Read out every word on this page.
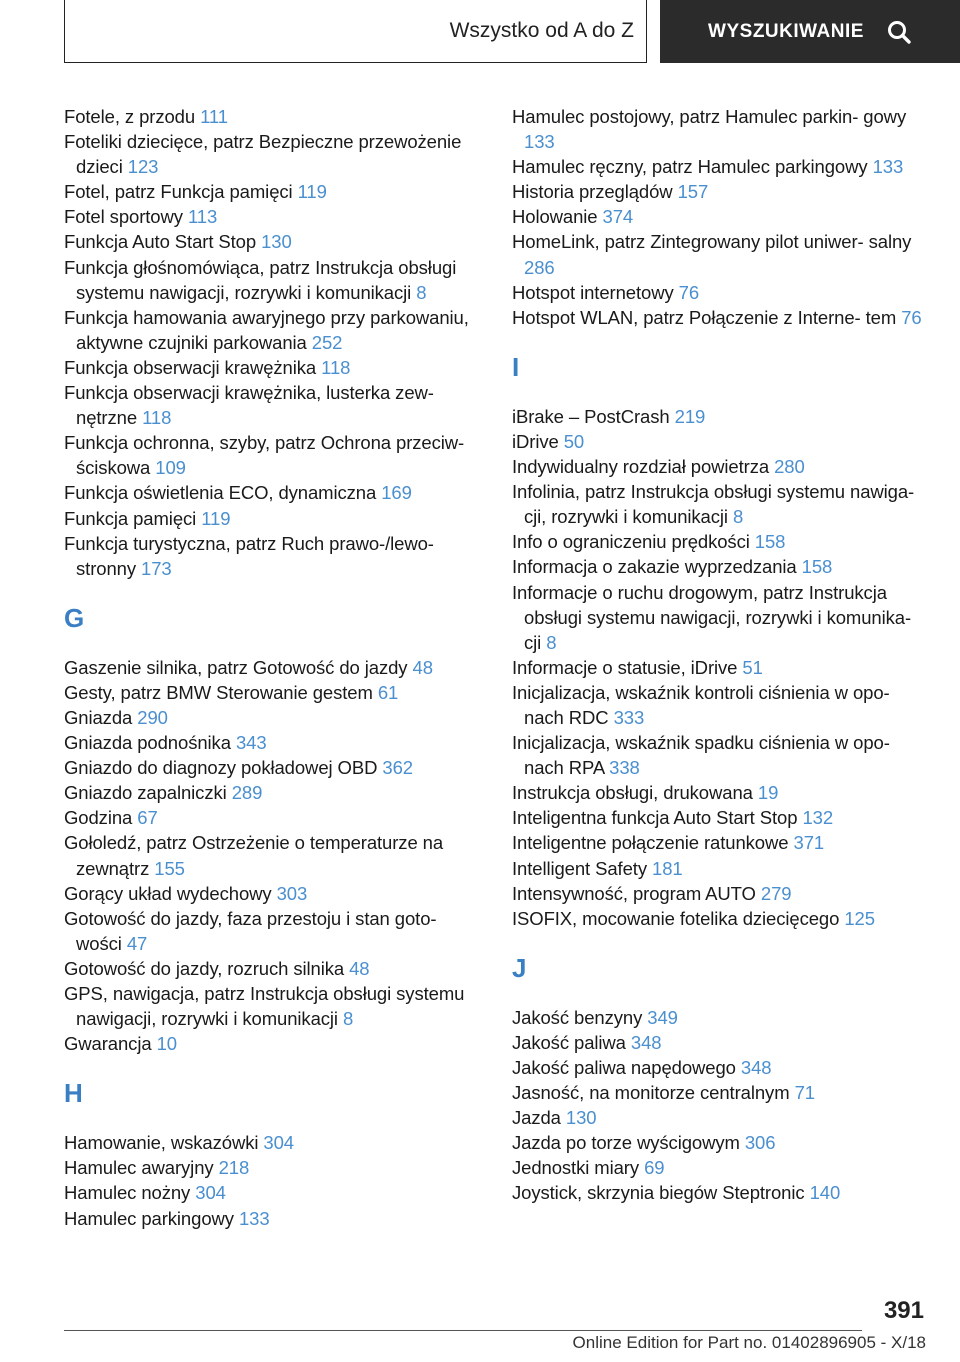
Wszystko od A do Z	WYSZUKIWANIE
Fotele, z przodu 111
Foteliki dziecięce, patrz Bezpieczne przewożenie dzieci 123
Fotel, patrz Funkcja pamięci 119
Fotel sportowy 113
Funkcja Auto Start Stop 130
Funkcja głośnomówiąca, patrz Instrukcja obsługi systemu nawigacji, rozrywki i komunikacji 8
Funkcja hamowania awaryjnego przy parkowaniu, aktywne czujniki parkowania 252
Funkcja obserwacji krawężnika 118
Funkcja obserwacji krawężnika, lusterka zew‐ nętrzne 118
Funkcja ochronna, szyby, patrz Ochrona przeciw‐ ściskowa 109
Funkcja oświetlenia ECO, dynamiczna 169
Funkcja pamięci 119
Funkcja turystyczna, patrz Ruch prawo-/lewo‐ stronny 173
G
Gaszenie silnika, patrz Gotowość do jazdy 48
Gesty, patrz BMW Sterowanie gestem 61
Gniazda 290
Gniazda podnośnika 343
Gniazdo do diagnozy pokładowej OBD 362
Gniazdo zapalniczki 289
Godzina 67
Gołoledź, patrz Ostrzeżenie o temperaturze na zewnątrz 155
Gorący układ wydechowy 303
Gotowość do jazdy, faza przestoju i stan goto‐ wości 47
Gotowość do jazdy, rozruch silnika 48
GPS, nawigacja, patrz Instrukcja obsługi systemu nawigacji, rozrywki i komunikacji 8
Gwarancja 10
H
Hamowanie, wskazówki 304
Hamulec awaryjny 218
Hamulec nożny 304
Hamulec parkingowy 133
Hamulec postojowy, patrz Hamulec parkin‐ gowy 133
Hamulec ręczny, patrz Hamulec parkingowy 133
Historia przeglądów 157
Holowanie 374
HomeLink, patrz Zintegrowany pilot uniwer‐ salny 286
Hotspot internetowy 76
Hotspot WLAN, patrz Połączenie z Interne‐ tem 76
I
iBrake – PostCrash 219
iDrive 50
Indywidualny rozdział powietrza 280
Infolinia, patrz Instrukcja obsługi systemu nawiga‐ cji, rozrywki i komunikacji 8
Info o ograniczeniu prędkości 158
Informacja o zakazie wyprzedzania 158
Informacje o ruchu drogowym, patrz Instrukcja obsługi systemu nawigacji, rozrywki i komunika‐ cji 8
Informacje o statusie, iDrive 51
Inicjalizacja, wskaźnik kontroli ciśnienia w opo‐ nach RDC 333
Inicjalizacja, wskaźnik spadku ciśnienia w opo‐ nach RPA 338
Instrukcja obsługi, drukowana 19
Inteligentna funkcja Auto Start Stop 132
Inteligentne połączenie ratunkowe 371
Intelligent Safety 181
Intensywność, program AUTO 279
ISOFIX, mocowanie fotelika dziecięcego 125
J
Jakość benzyny 349
Jakość paliwa 348
Jakość paliwa napędowego 348
Jasność, na monitorze centralnym 71
Jazda 130
Jazda po torze wyścigowym 306
Jednostki miary 69
Joystick, skrzynia biegów Steptronic 140
391
Online Edition for Part no. 01402896905 - X/18
